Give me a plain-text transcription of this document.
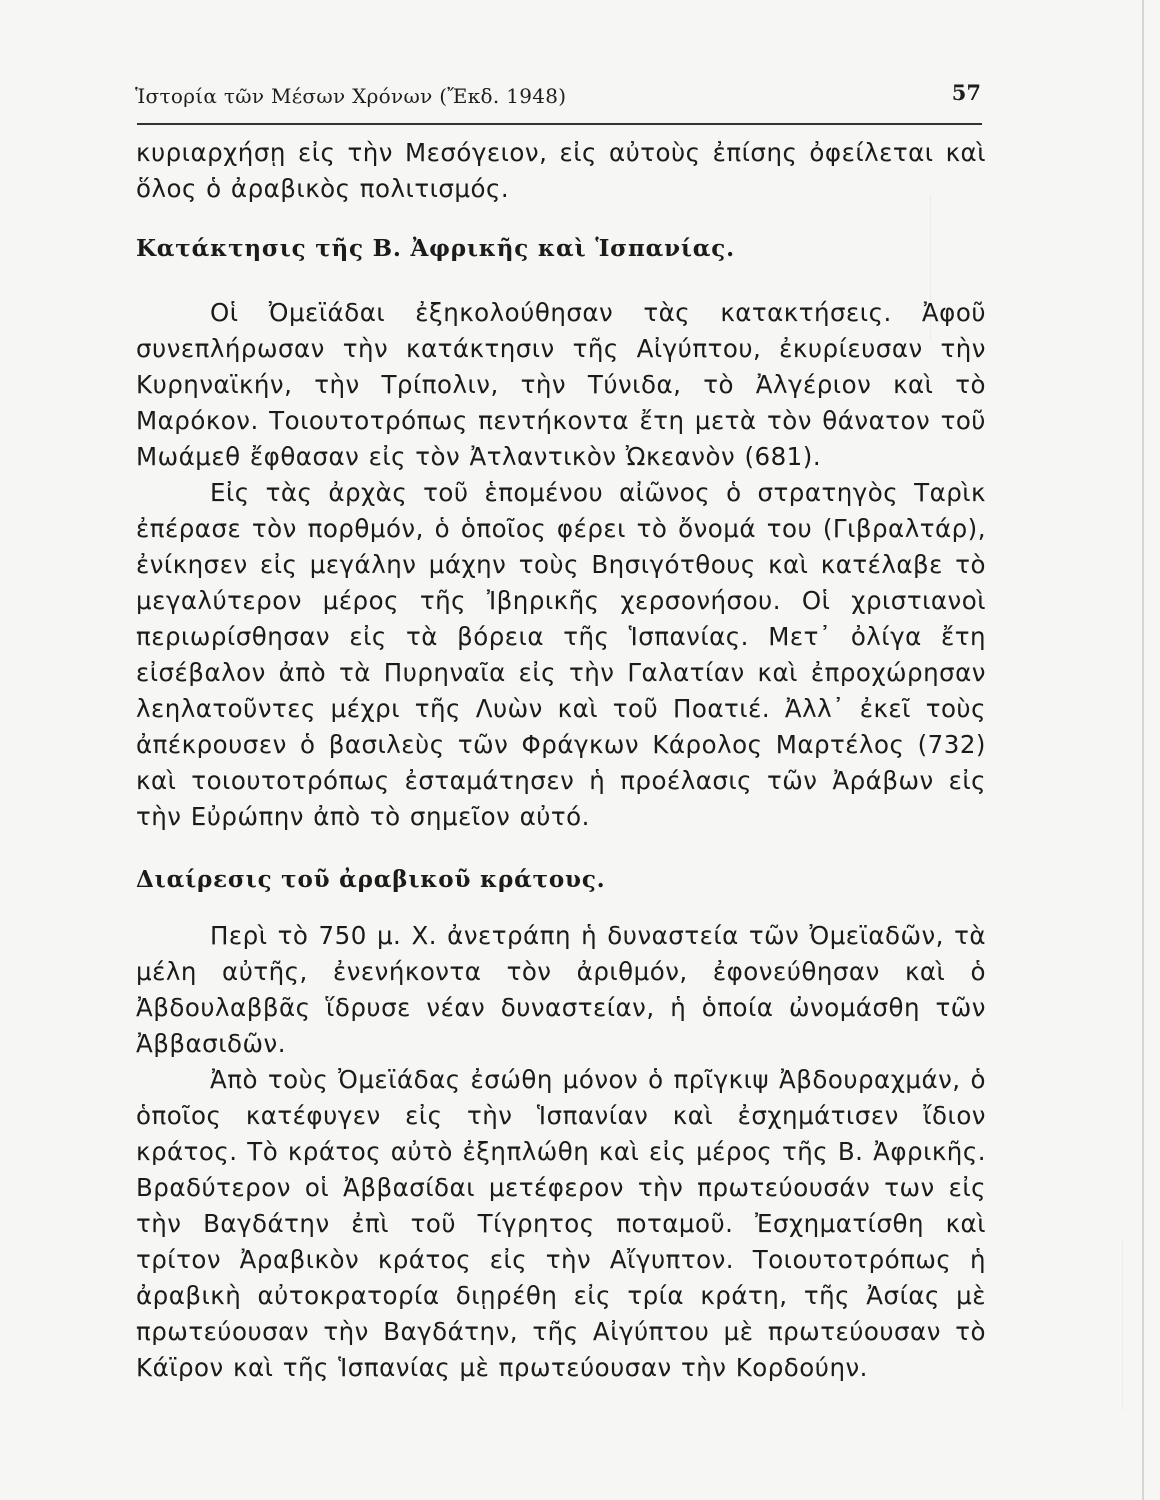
Ἱστορία τῶν Μέσων Χρόνων (Ἔκδ. 1948)	57

κυριαρχήσῃ εἰς τὴν Μεσόγειον, εἰς αὐτοὺς ἐπίσης ὀφείλεται καὶ ὅλος ὁ ἀραβικὸς πολιτισμός.

Κατάκτησις τῆς Β. Ἀφρικῆς καὶ Ἱσπανίας.

Οἱ Ὀμεϊάδαι ἐξηκολούθησαν τὰς κατακτήσεις. Ἀφοῦ συνεπλήρωσαν τὴν κατάκτησιν τῆς Αἰγύπτου, ἐκυρίευσαν τὴν Κυρηναϊκήν, τὴν Τρίπολιν, τὴν Τύνιδα, τὸ Ἀλγέριον καὶ τὸ Μαρόκον. Τοιουτοτρόπως πεντήκοντα ἔτη μετὰ τὸν θάνατον τοῦ Μωάμεθ ἔφθασαν εἰς τὸν Ἀτλαντικὸν Ὠκεανὸν (681).

Εἰς τὰς ἀρχὰς τοῦ ἑπομένου αἰῶνος ὁ στρατηγὸς Ταρὶκ ἐπέρασε τὸν πορθμόν, ὁ ὁποῖος φέρει τὸ ὄνομά του (Γιβραλτάρ), ἐνίκησεν εἰς μεγάλην μάχην τοὺς Βησιγότθους καὶ κατέλαβε τὸ μεγαλύτερον μέρος τῆς Ἰβηρικῆς χερσονήσου. Οἱ χριστιανοὶ περιωρίσθησαν εἰς τὰ βόρεια τῆς Ἱσπανίας. Μετ᾿ ὀλίγα ἔτη εἰσέβαλον ἀπὸ τὰ Πυρηναῖα εἰς τὴν Γαλατίαν καὶ ἐπροχώρησαν λεηλατοῦντες μέχρι τῆς Λυὼν καὶ τοῦ Ποατιέ. Ἀλλ᾿ ἐκεῖ τοὺς ἀπέκρουσεν ὁ βασιλεὺς τῶν Φράγκων Κάρολος Μαρτέλος (732) καὶ τοιουτοτρόπως ἐσταμάτησεν ἡ προέλασις τῶν Ἀράβων εἰς τὴν Εὐρώπην ἀπὸ τὸ σημεῖον αὐτό.

Διαίρεσις τοῦ ἀραβικοῦ κράτους.

Περὶ τὸ 750 μ. Χ. ἀνετράπη ἡ δυναστεία τῶν Ὀμεϊαδῶν, τὰ μέλη αὐτῆς, ἐνενήκοντα τὸν ἀριθμόν, ἐφονεύθησαν καὶ ὁ Ἀβδουλαββᾶς ἵδρυσε νέαν δυναστείαν, ἡ ὁποία ὠνομάσθη τῶν Ἀββασιδῶν.

Ἀπὸ τοὺς Ὀμεϊάδας ἐσώθη μόνον ὁ πρῖγκιψ Ἀβδουραχμάν, ὁ ὁποῖος κατέφυγεν εἰς τὴν Ἱσπανίαν καὶ ἐσχημάτισεν ἴδιον κράτος. Τὸ κράτος αὐτὸ ἐξηπλώθη καὶ εἰς μέρος τῆς Β. Ἀφρικῆς. Βραδύτερον οἱ Ἀββασίδαι μετέφερον τὴν πρωτεύουσάν των εἰς τὴν Βαγδάτην ἐπὶ τοῦ Τίγρητος ποταμοῦ. Ἐσχηματίσθη καὶ τρίτον Ἀραβικὸν κράτος εἰς τὴν Αἴγυπτον. Τοιουτοτρόπως ἡ ἀραβικὴ αὐτοκρατορία διῃρέθη εἰς τρία κράτη, τῆς Ἀσίας μὲ πρωτεύουσαν τὴν Βαγδάτην, τῆς Αἰγύπτου μὲ πρωτεύουσαν τὸ Κάϊρον καὶ τῆς Ἱσπανίας μὲ πρωτεύουσαν τὴν Κορδούην.
